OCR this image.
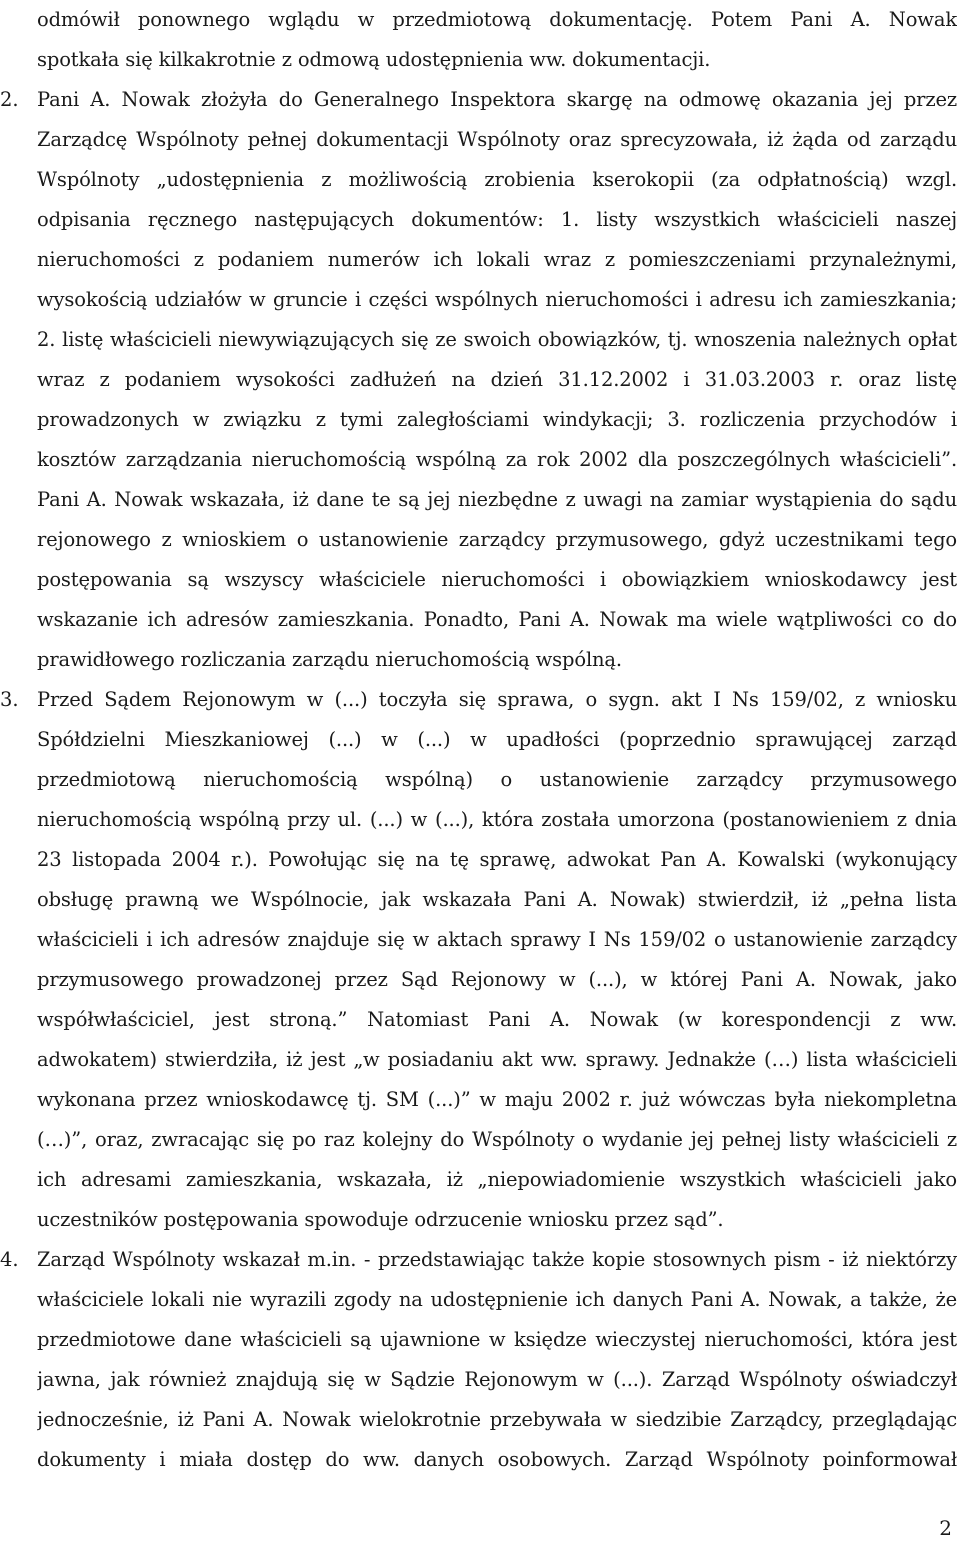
odmówił ponownego wglądu w przedmiotową dokumentację. Potem Pani A. Nowak
spotkała się kilkakrotnie z odmową udostępnienia ww. dokumentacji.
2. Pani A. Nowak złożyła do Generalnego Inspektora skargę na odmowę okazania jej przez
Zarządcę Wspólnoty pełnej dokumentacji Wspólnoty oraz sprecyzowała, iż żąda od zarządu
Wspólnoty „udostępnienia z możliwością zrobienia kserokopii (za odpłatnością) wzgl.
odpisania ręcznego następujących dokumentów: 1. listy wszystkich właścicieli naszej
nieruchomości z podaniem numerów ich lokali wraz z pomieszczeniami przynależnymi,
wysokością udziałów w gruncie i części wspólnych nieruchomości i adresu ich zamieszkania;
2. listę właścicieli niewywiązujących się ze swoich obowiązków, tj. wnoszenia należnych opłat
wraz z podaniem wysokości zadłużeń na dzień 31.12.2002 i 31.03.2003 r. oraz listę
prowadzonych w związku z tymi zaległościami windykacji; 3. rozliczenia przychodów i
kosztów zarządzania nieruchomością wspólną za rok 2002 dla poszczególnych właścicieli”.
Pani A. Nowak wskazała, iż dane te są jej niezbędne z uwagi na zamiar wystąpienia do sądu
rejonowego z wnioskiem o ustanowienie zarządcy przymusowego, gdyż uczestnikami tego
postępowania są wszyscy właściciele nieruchomości i obowiązkiem wnioskodawcy jest
wskazanie ich adresów zamieszkania. Ponadto, Pani A. Nowak ma wiele wątpliwości co do
prawidłowego rozliczania zarządu nieruchomością wspólną.
3. Przed Sądem Rejonowym w (...) toczyła się sprawa, o sygn. akt I Ns 159/02, z wniosku
Spółdzielni Mieszkaniowej (...) w (...) w upadłości (poprzednio sprawującej zarząd
przedmiotową nieruchomością wspólną) o ustanowienie zarządcy przymusowego
nieruchomością wspólną przy ul. (...) w (...), która została umorzona (postanowieniem z dnia
23 listopada 2004 r.). Powołując się na tę sprawę, adwokat Pan A. Kowalski (wykonujący
obsługę prawną we Wspólnocie, jak wskazała Pani A. Nowak) stwierdził, iż „pełna lista
właścicieli i ich adresów znajduje się w aktach sprawy I Ns 159/02 o ustanowienie zarządcy
przymusowego prowadzonej przez Sąd Rejonowy w (...), w której Pani A. Nowak, jako
współwłaściciel, jest stroną.” Natomiast Pani A. Nowak (w korespondencji z ww.
adwokatem) stwierdziła, iż jest „w posiadaniu akt ww. sprawy. Jednakże (…) lista właścicieli
wykonana przez wnioskodawcę tj. SM (...)” w maju 2002 r. już wówczas była niekompletna
(…)”, oraz, zwracając się po raz kolejny do Wspólnoty o wydanie jej pełnej listy właścicieli z
ich adresami zamieszkania, wskazała, iż „niepowiadomienie wszystkich właścicieli jako
uczestników postępowania spowoduje odrzucenie wniosku przez sąd”.
4. Zarząd Wspólnoty wskazał m.in. - przedstawiając także kopie stosownych pism - iż niektórzy
właściciele lokali nie wyrazili zgody na udostępnienie ich danych Pani A. Nowak, a także, że
przedmiotowe dane właścicieli są ujawnione w księdze wieczystej nieruchomości, która jest
jawna, jak również znajdują się w Sądzie Rejonowym w (...). Zarząd Wspólnoty oświadczył
jednocześnie, iż Pani A. Nowak wielokrotnie przebywała w siedzibie Zarządcy, przeglądając
dokumenty i miała dostęp do ww. danych osobowych. Zarząd Wspólnoty poinformował
2
